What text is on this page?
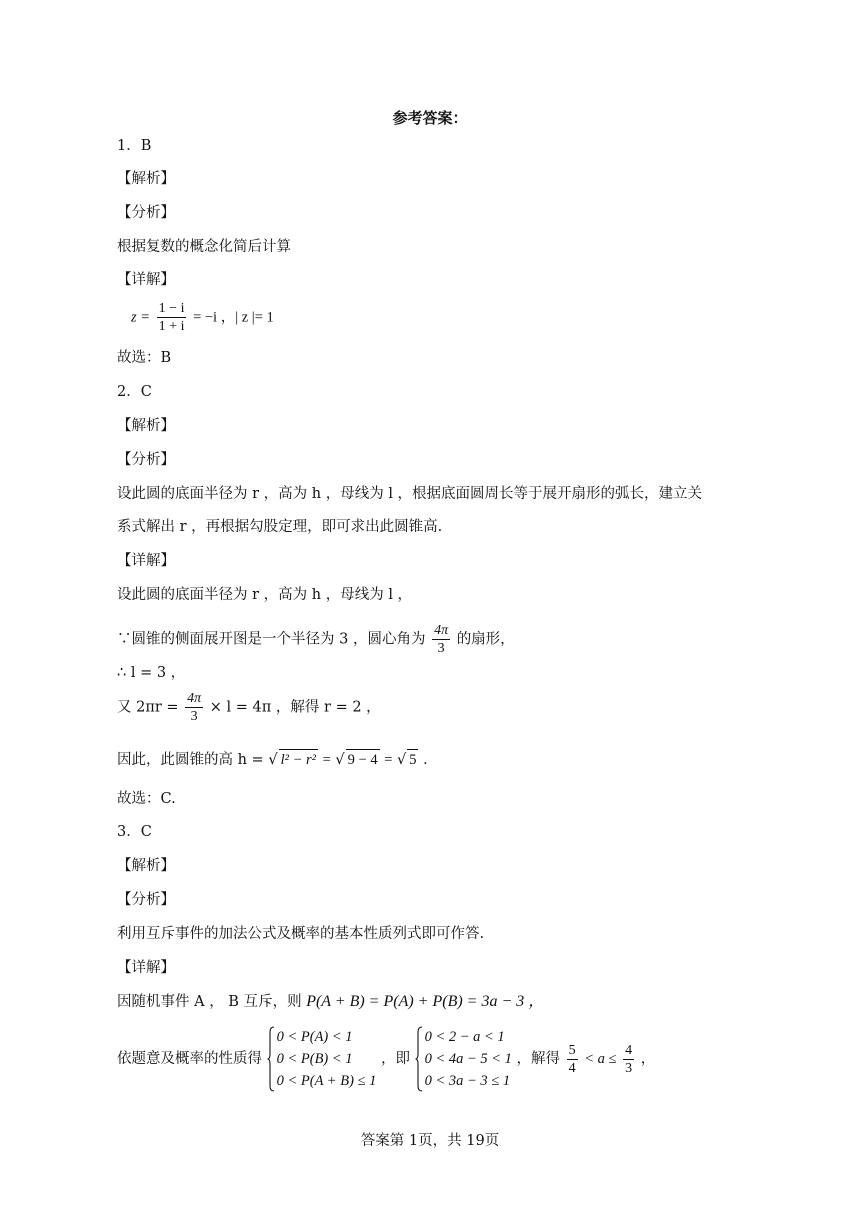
参考答案：
1．B
【解析】
【分析】
根据复数的概念化简后计算
【详解】
$z = \frac{1 - i}{1 + i} = -i$ ，| z |= 1
故选：B
2．C
【解析】
【分析】
设此圆的底面半径为 r ，高为 h ，母线为 l ，根据底面圆周长等于展开扇形的弧长，建立关
系式解出 r ，再根据勾股定理，即可求出此圆锥高.
【详解】
设此圆的底面半径为 r ，高为 h ，母线为 l ，
∵圆锥的侧面展开图是一个半径为 3 ，圆心角为 $\frac{4\pi}{3}$ 的扇形，
∴ l = 3 ，
又 $2\pi r = \frac{4\pi}{3} \times l = 4\pi$ ，解得 r = 2 ，
因此，此圆锥的高 h = √ l² − r² = √ 9 − 4 = √ 5 ．
故选：C.
3．C
【解析】
【分析】
利用互斥事件的加法公式及概率的基本性质列式即可作答.
【详解】
因随机事件 A ， B 互斥，则 P(A + B) = P(A) + P(B) = 3a − 3 ，
依题意及概率的性质得
0 < P(A) < 1
0 < P(B) < 1
0 < P(A + B) ≤ 1
，即
0 < 2 − a < 1
0 < 4a − 5 < 1
0 < 3a − 3 ≤ 1
，解得 $\frac{5}{4} < a \le \frac{4}{3}$ ，
答案第 1页，共 19页
